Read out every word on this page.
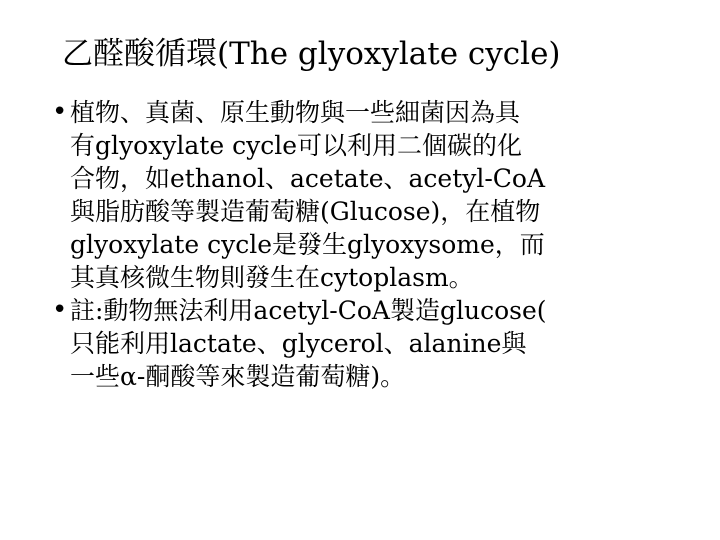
乙醛酸循環(The glyoxylate cycle)
• 植物、真菌、原生動物與一些細菌因為具
有glyoxylate cycle可以利用二個碳的化
合物，如ethanol、acetate、acetyl-CoA
與脂肪酸等製造葡萄糖(Glucose)，在植物
glyoxylate cycle是發生glyoxysome，而
其真核微生物則發生在cytoplasm。
• 註:動物無法利用acetyl-CoA製造glucose(
只能利用lactate、glycerol、alanine與
一些α-酮酸等來製造葡萄糖)。
